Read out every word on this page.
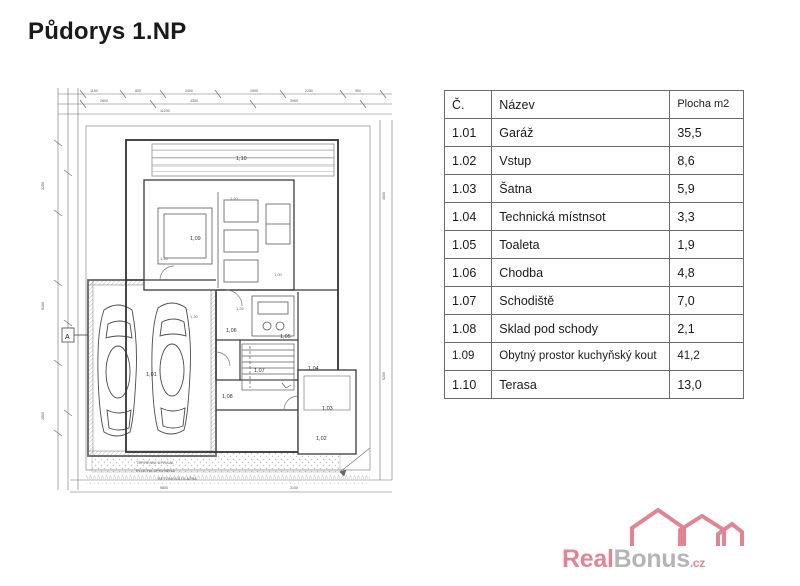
Půdorys 1.NP
1150	820	2400	1900	2250	900
2600	4300	3900
11200
3250
5100
2800
4600
5200
9800	3100
A
1,01
1,02
1,03
1,04
1,05
1,06
1,07
1,08
1,09
1,10
1,20
1,20
1,26
1,30
1,00
TERRÉNNÍ ÚPRAVA
PLOCHA ZPEVNĚNÁ
BETONOVÁ DLAŽBA
Č.	Název	Plocha m2
1.01	Garáž	35,5
1.02	Vstup	8,6
1.03	Šatna	5,9
1.04	Technická místnsot	3,3
1.05	Toaleta	1,9
1.06	Chodba	4,8
1.07	Schodiště	7,0
1.08	Sklad pod schody	2,1
1.09	Obytný prostor kuchyňský kout	41,2
1.10	Terasa	13,0
RealBonus.cz
